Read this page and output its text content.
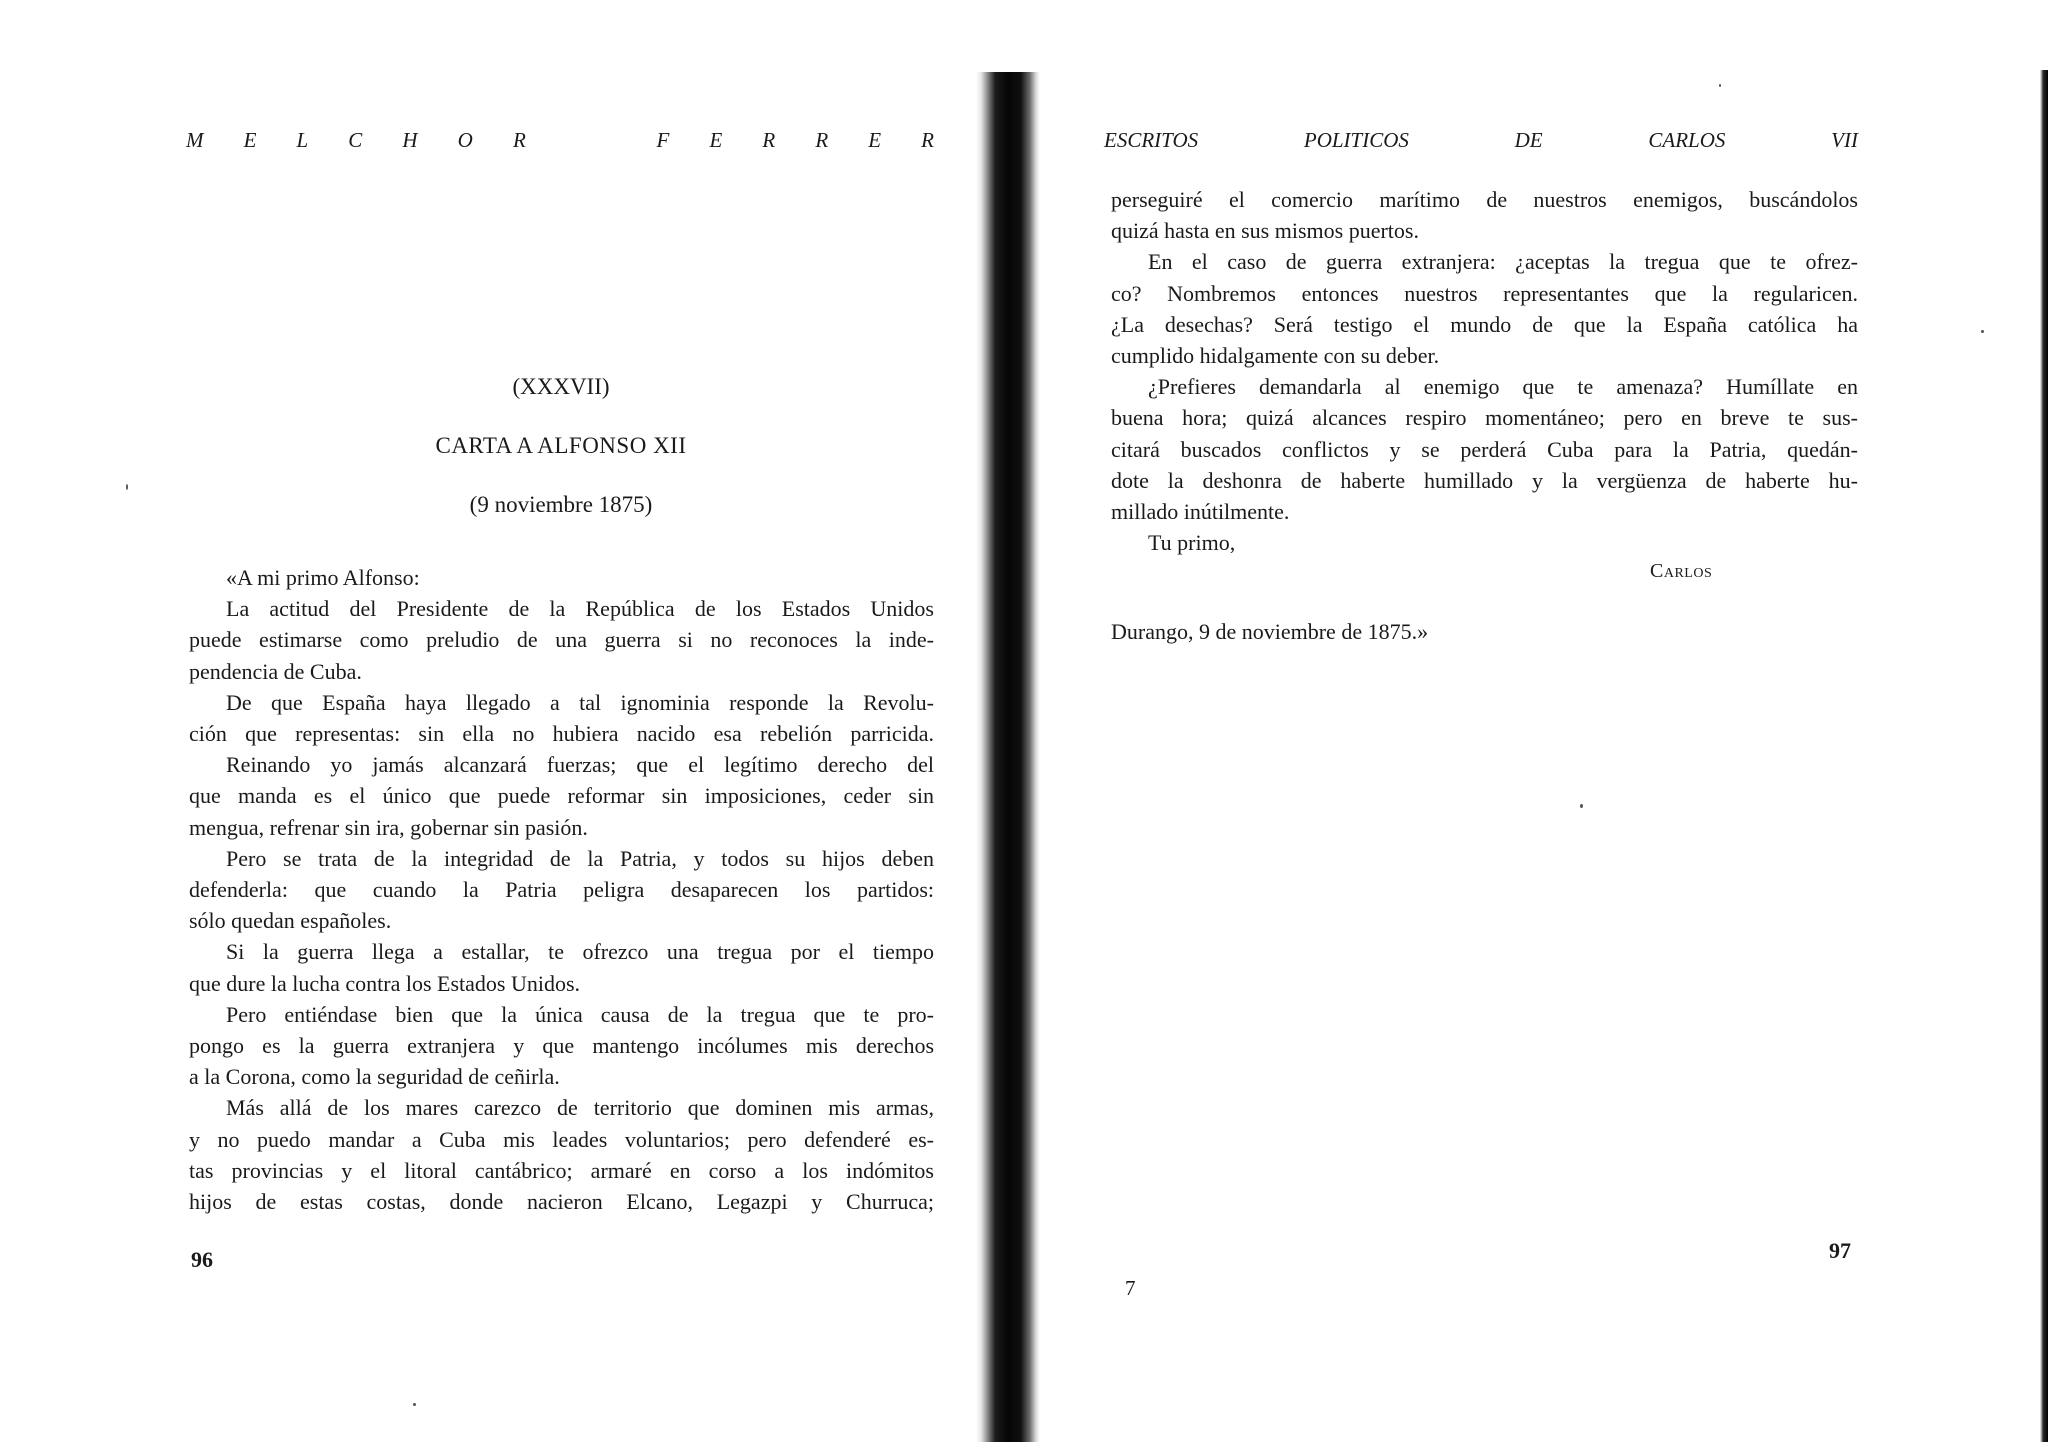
M E L C H O R

	F E R R E R
(XXXVII)
CARTA A ALFONSO XII
(9 noviembre 1875)
«A mi primo Alfonso:
La actitud del Presidente de la República de los Estados Unidos
puede estimarse como preludio de una guerra si no reconoces la inde-
pendencia de Cuba.
De que España haya llegado a tal ignominia responde la Revolu-
ción que representas: sin ella no hubiera nacido esa rebelión parricida.
Reinando yo jamás alcanzará fuerzas; que el legítimo derecho del
que manda es el único que puede reformar sin imposiciones, ceder sin
mengua, refrenar sin ira, gobernar sin pasión.
Pero se trata de la integridad de la Patria, y todos su hijos deben
defenderla: que cuando la Patria peligra desaparecen los partidos:
sólo quedan españoles.
Si la guerra llega a estallar, te ofrezco una tregua por el tiempo
que dure la lucha contra los Estados Unidos.
Pero entiéndase bien que la única causa de la tregua que te pro-
pongo es la guerra extranjera y que mantengo incólumes mis derechos
a la Corona, como la seguridad de ceñirla.
Más allá de los mares carezco de territorio que dominen mis armas,
y no puedo mandar a Cuba mis leades voluntarios; pero defenderé es-
tas provincias y el litoral cantábrico; armaré en corso a los indómitos
hijos de estas costas, donde nacieron Elcano, Legazpi y Churruca;
96
ESCRITOS	POLITICOS	DE	CARLOS	VII
perseguiré el comercio marítimo de nuestros enemigos, buscándolos
quizá hasta en sus mismos puertos.
En el caso de guerra extranjera: ¿aceptas la tregua que te ofrez-
co? Nombremos entonces nuestros representantes que la regularicen.
¿La desechas? Será testigo el mundo de que la España católica ha
cumplido hidalgamente con su deber.
¿Prefieres demandarla al enemigo que te amenaza? Humíllate en
buena hora; quizá alcances respiro momentáneo; pero en breve te sus-
citará buscados conflictos y se perderá Cuba para la Patria, quedán-
dote la deshonra de haberte humillado y la vergüenza de haberte hu-
millado inútilmente.
Tu primo,
Carlos
Durango, 9 de noviembre de 1875.»
97
7
